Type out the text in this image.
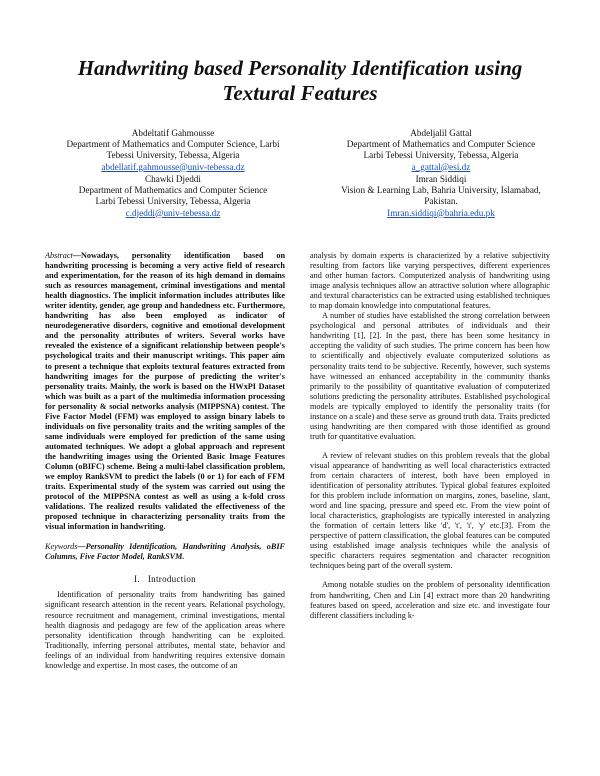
Handwriting based Personality Identification using Textural Features
Abdeltatif Gahmousse
Department of Mathematics and Computer Science, Larbi
Tebessi University, Tebessa, Algeria
abdellatif.gahmousse@univ-tebessa.dz
Abdeljalil Gattal
Department of Mathematics and Computer Science
Larbi Tebessi University, Tebessa, Algeria
a_gattal@esi.dz
Chawki Djeddi
Department of Mathematics and Computer Science
Larbi Tebessi University, Tebessa, Algeria
c.djeddi@univ-tebessa.dz
Imran Siddiqi
Vision & Learning Lab, Bahria University, Islamabad,
Pakistan.
Imran.siddiqi@bahria.edu.pk

Abstract—Nowadays, personality identification based on handwriting processing is becoming a very active field of research and experimentation, for the reason of its high demand in domains such as resources management, criminal investigations and mental health diagnostics. The implicit information includes attributes like writer identity, gender, age group and handedness etc. Furthermore, handwriting has also been employed as indicator of neurodegenerative disorders, cognitive and emotional development and the personality attributes of writers. Several works have revealed the existence of a significant relationship between people's psychological traits and their manuscript writings. This paper aim to present a technique that exploits textural features extracted from handwriting images for the purpose of predicting the writer's personality traits. Mainly, the work is based on the HWxPI Dataset which was built as a part of the multimedia information processing for personality & social networks analysis (MIPPSNA) contest. The Five Factor Model (FFM) was employed to assign binary labels to individuals on five personality traits and the writing samples of the same individuals were employed for prediction of the same using automated techniques. We adopt a global approach and represent the handwriting images using the Oriented Basic Image Features Column (oBIFC) scheme. Being a multi-label classification problem, we employ RankSVM to predict the labels (0 or 1) for each of FFM traits. Experimental study of the system was carried out using the protocol of the MIPPSNA contest as well as using a k-fold cross validations. The realized results validated the effectiveness of the proposed technique in characterizing personality traits from the visual information in handwriting.

Keywords—Personality Identification, Handwriting Analysis, oBIF Columns, Five Factor Model, RankSVM.

I. Introduction

Identification of personality traits from handwriting has gained significant research attention in the recent years. Relational psychology, resource recruitment and management, criminal investigations, mental health diagnosis and pedagogy are few of the application areas where personality identification through handwriting can be exploited. Traditionally, inferring personal attributes, mental state, behavior and feelings of an individual from handwriting requires extensive domain knowledge and expertise. In most cases, the outcome of an

analysis by domain experts is characterized by a relative subjectivity resulting from factors like varying perspectives, different experiences and other human factors. Computerized analysis of handwriting using image analysis techniques allow an attractive solution where allographic and textural characteristics can be extracted using established techniques to map domain knowledge into computational features.

A number of studies have established the strong correlation between psychological and personal attributes of individuals and their handwriting [1], [2]. In the past, there has been some hesitancy in accepting the validity of such studies. The prime concern has been how to scientifically and objectively evaluate computerized solutions as personality traits tend to be subjective. Recently, however, such systems have witnessed an enhanced acceptability in the community thanks primarily to the possibility of quantitative evaluation of computerized solutions predicting the personality attributes. Established psychological models are typically employed to identify the personality traits (for instance on a scale) and these serve as ground truth data. Traits predicted using handwriting are then compared with those identified as ground truth for quantitative evaluation.

A review of relevant studies on this problem reveals that the global visual appearance of handwriting as well local characteristics extracted from certain characters of interest, both have been employed in identification of personality attributes. Typical global features exploited for this problem include information on margins, zones, baseline, slant, word and line spacing, pressure and speed etc. From the view point of local characteristics, graphologists are typically interested in analyzing the formation of certain letters like 'd', 't', 'i', 'y' etc.[3]. From the perspective of pattern classification, the global features can be computed using established image analysis techniques while the analysis of specific characters requires segmentation and character recognition techniques being part of the overall system.

Among notable studies on the problem of personality identification from handwriting, Chen and Lin [4] extract more than 20 handwriting features based on speed, acceleration and size etc. and investigate four different classifiers including k-
